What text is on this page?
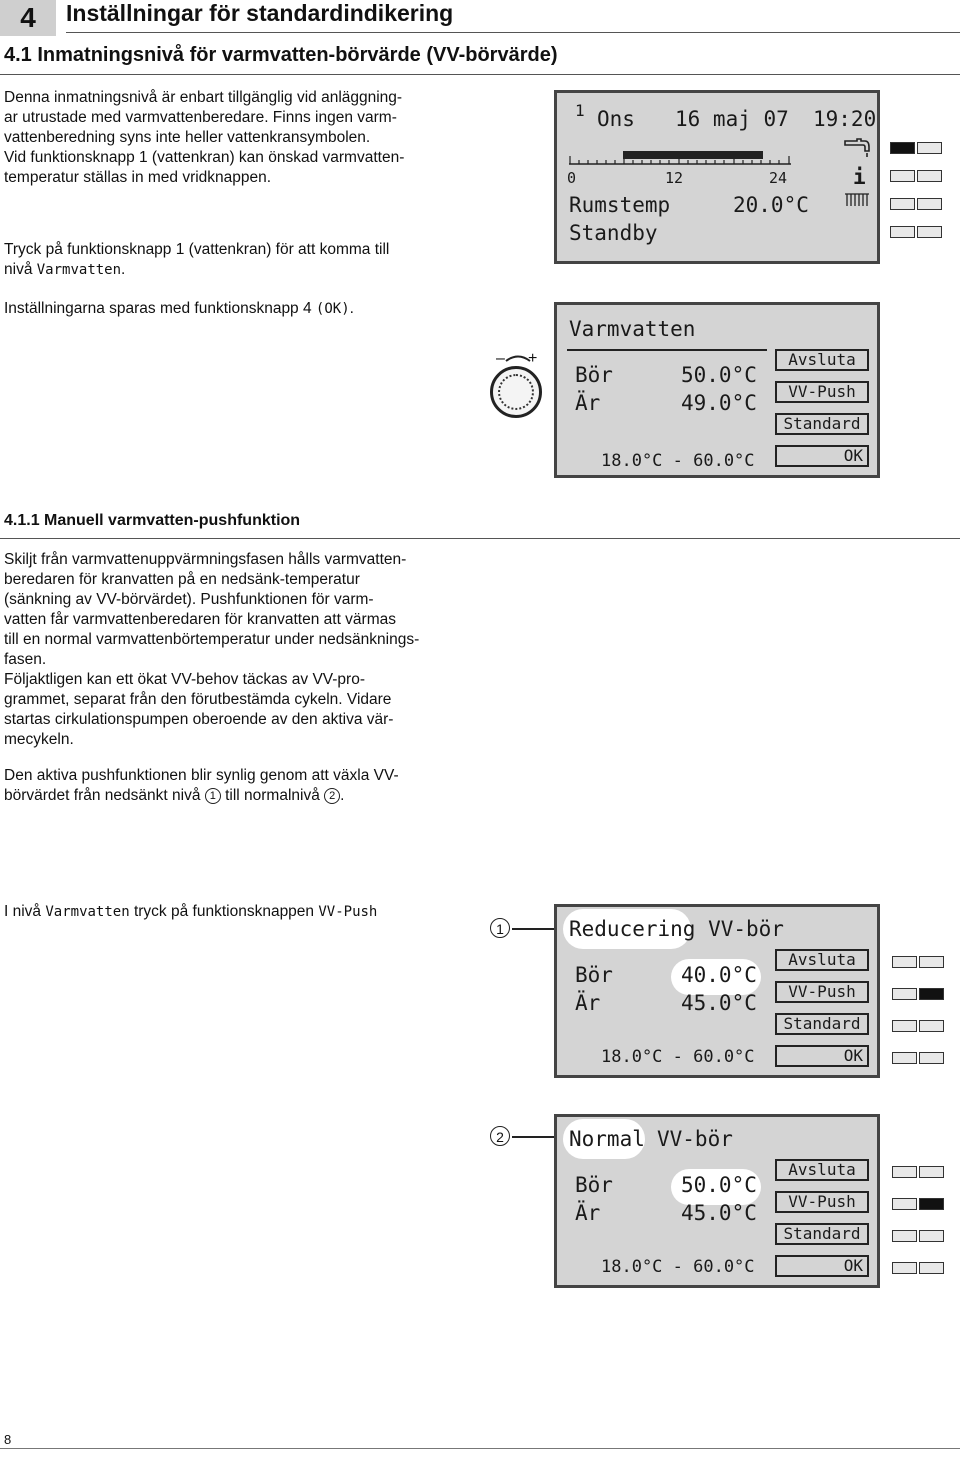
4	Inställningar för standardindikering
4.1 Inmatningsnivå för varmvatten-börvärde (VV-börvärde)

Denna inmatningsnivå är enbart tillgänglig vid anläggning-

ar utrustade med varmvattenberedare. Finns ingen varm-

vattenberedning syns inte heller vattenkransymbolen.

Vid funktionsknapp 1 (vattenkran) kan önskad varmvatten-

temperatur ställas in med vridknappen.

Tryck på funktionsknapp 1 (vattenkran) för att komma till

nivå Varmvatten.

Inställningarna sparas med funktionsknapp 4 (OK).

1 Ons 16 maj 07 19:20
0	12	24	i
Rumstemp	20.0°C
Standby
– +
Varmvatten
Bör	50.0°C
Är	49.0°C
18.0°C - 60.0°C
Avsluta
VV-Push
Standard
OK
4.1.1 Manuell varmvatten-pushfunktion

Skiljt från varmvattenuppvärmningsfasen hålls varmvatten-

beredaren för kranvatten på en nedsänk-temperatur

(sänkning av VV-börvärdet). Pushfunktionen för varm-

vatten får varmvattenberedaren för kranvatten att värmas

till en normal varmvattenbörtemperatur under nedsänknings-

fasen.

Följaktligen kan ett ökat VV-behov täckas av VV-pro-

grammet, separat från den förutbestämda cykeln. Vidare

startas cirkulationspumpen oberoende av den aktiva vär-

mecykeln.

Den aktiva pushfunktionen blir synlig genom att växla VV-

börvärdet från nedsänkt nivå 1 till normalnivå 2 .

I nivå Varmvatten tryck på funktionsknappen VV-Push

1	Reducering VV-bör
Bör	40.0°C
Är	45.0°C
18.0°C - 60.0°C
Avsluta
VV-Push
Standard
OK
2	Normal VV-bör
Bör	50.0°C
Är	45.0°C
18.0°C - 60.0°C
Avsluta
VV-Push
Standard
OK
8
